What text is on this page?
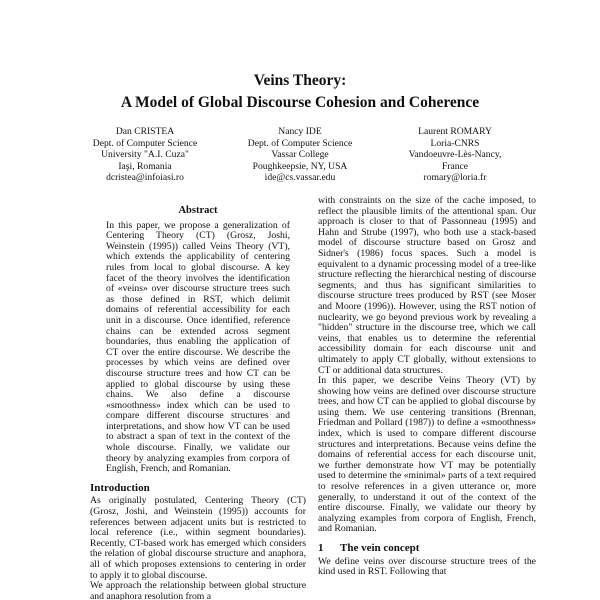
Veins Theory:
A Model of Global Discourse Cohesion and Coherence
Dan CRISTEA
Dept. of Computer Science
University "A.I. Cuza"
Iaşi, Romania
dcristea@infoiasi.ro
Nancy IDE
Dept. of Computer Science
Vassar College
Poughkeepsie, NY, USA
ide@cs.vassar.edu
Laurent ROMARY
Loria-CNRS
Vandoeuvre-Lès-Nancy,
France
romary@loria.fr
Abstract

In this paper, we propose a generalization of Centering Theory (CT) (Grosz, Joshi, Weinstein (1995)) called Veins Theory (VT), which extends the applicability of centering rules from local to global discourse. A key facet of the theory involves the identification of «veins» over discourse structure trees such as those defined in RST, which delimit domains of referential accessibility for each unit in a discourse. Once identified, reference chains can be extended across segment boundaries, thus enabling the application of CT over the entire discourse. We describe the processes by which veins are defined over discourse structure trees and how CT can be applied to global discourse by using these chains. We also define a discourse «smoothness» index which can be used to compare different discourse structures and interpretations, and show how VT can be used to abstract a span of text in the context of the whole discourse. Finally, we validate our theory by analyzing examples from corpora of English, French, and Romanian.

Introduction

As originally postulated, Centering Theory (CT) (Grosz, Joshi, and Weinstein (1995)) accounts for references between adjacent units but is restricted to local reference (i.e., within segment boundaries). Recently, CT-based work has emerged which considers the relation of global discourse structure and anaphora, all of which proposes extensions to centering in order to apply it to global discourse.

We approach the relationship between global structure and anaphora resolution from a

with constraints on the size of the cache imposed, to reflect the plausible limits of the attentional span. Our approach is closer to that of Passonneau (1995) and Hahn and Strube (1997), who both use a stack-based model of discourse structure based on Grosz and Sidner's (1986) focus spaces. Such a model is equivalent to a dynamic processing model of a tree-like structure reflecting the hierarchical nesting of discourse segments, and thus has significant similarities to discourse structure trees produced by RST (see Moser and Moore (1996)). However, using the RST notion of nuclearity, we go beyond previous work by revealing a "hidden" structure in the discourse tree, which we call veins, that enables us to determine the referential accessibility domain for each discourse unit and ultimately to apply CT globally, without extensions to CT or additional data structures.

In this paper, we describe Veins Theory (VT) by showing how veins are defined over discourse structure trees, and how CT can be applied to global discourse by using them. We use centering transitions (Brennan, Friedman and Pollard (1987)) to define a «smoothness» index, which is used to compare different discourse structures and interpretations. Because veins define the domains of referential access for each discourse unit, we further demonstrate how VT may be potentially used to determine the «minimal» parts of a text required to resolve references in a given utterance or, more generally, to understand it out of the context of the entire discourse. Finally, we validate our theory by analyzing examples from corpora of English, French, and Romanian.

1 The vein concept

We define veins over discourse structure trees of the kind used in RST. Following that
